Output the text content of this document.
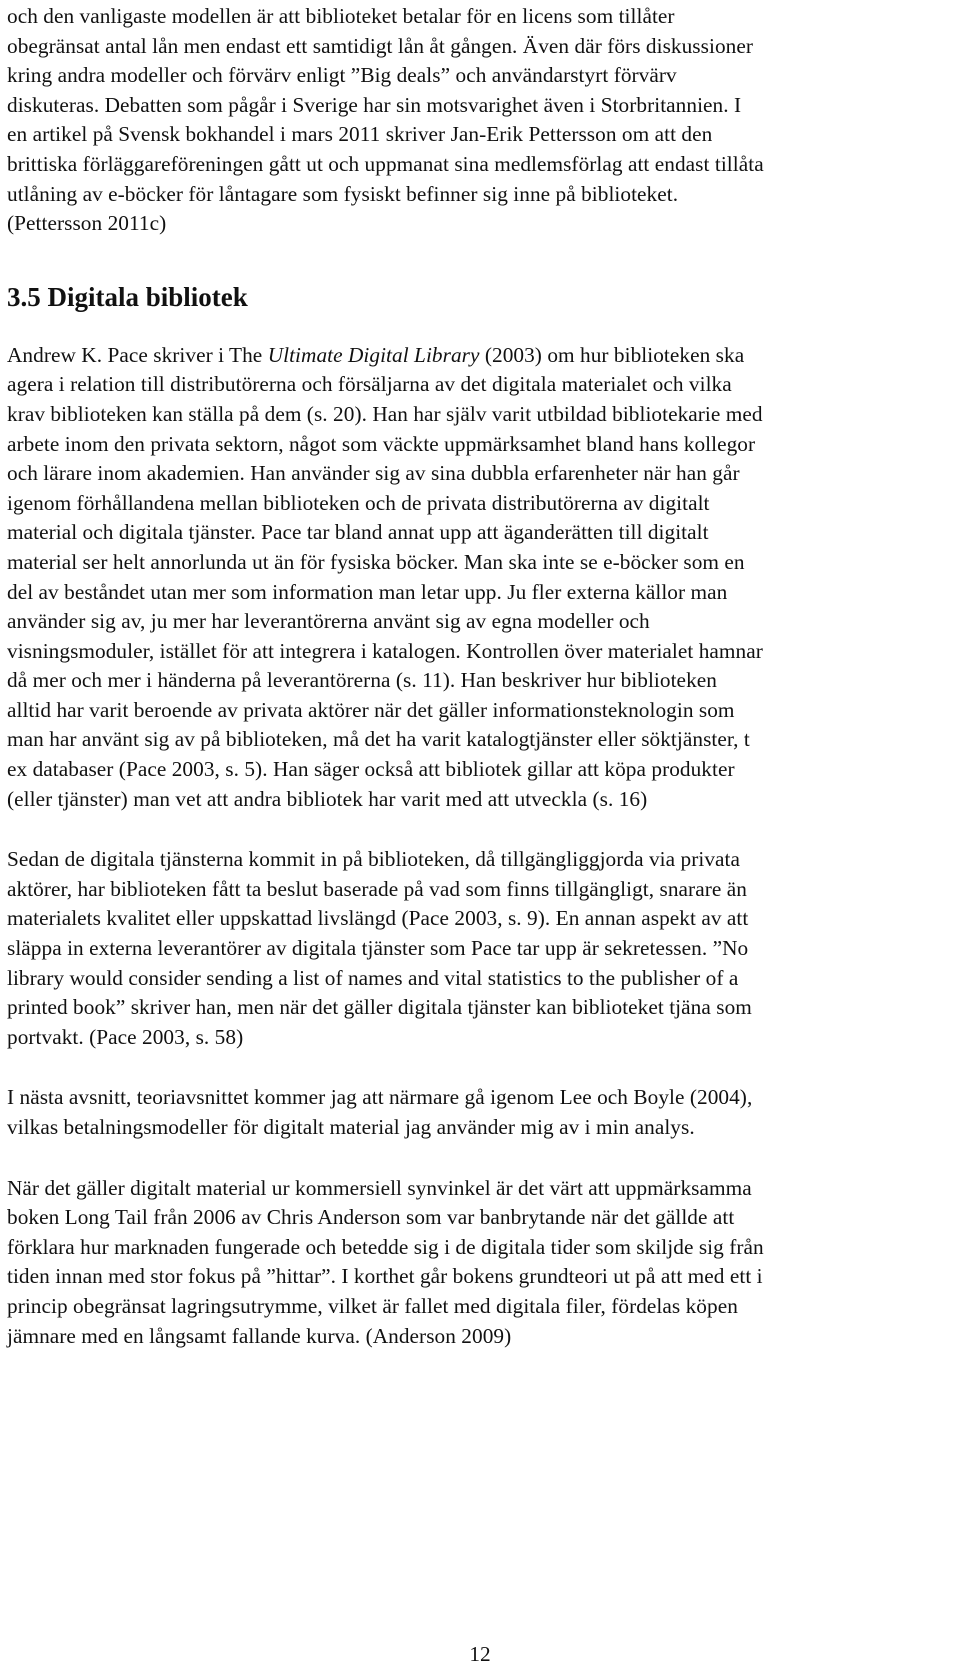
och den vanligaste modellen är att biblioteket betalar för en licens som tillåter
obegränsat antal lån men endast ett samtidigt lån åt gången. Även där förs diskussioner
kring andra modeller och förvärv enligt ”Big deals” och användarstyrt förvärv
diskuteras. Debatten som pågår i Sverige har sin motsvarighet även i Storbritannien. I
en artikel på Svensk bokhandel i mars 2011 skriver Jan-Erik Pettersson om att den
brittiska förläggareföreningen gått ut och uppmanat sina medlemsförlag att endast tillåta
utlåning av e-böcker för låntagare som fysiskt befinner sig inne på biblioteket.
(Pettersson 2011c)

3.5 Digitala bibliotek

Andrew K. Pace skriver i The Ultimate Digital Library (2003) om hur biblioteken ska
agera i relation till distributörerna och försäljarna av det digitala materialet och vilka
krav biblioteken kan ställa på dem (s. 20). Han har själv varit utbildad bibliotekarie med
arbete inom den privata sektorn, något som väckte uppmärksamhet bland hans kollegor
och lärare inom akademien. Han använder sig av sina dubbla erfarenheter när han går
igenom förhållandena mellan biblioteken och de privata distributörerna av digitalt
material och digitala tjänster. Pace tar bland annat upp att äganderätten till digitalt
material ser helt annorlunda ut än för fysiska böcker. Man ska inte se e-böcker som en
del av beståndet utan mer som information man letar upp. Ju fler externa källor man
använder sig av, ju mer har leverantörerna använt sig av egna modeller och
visningsmoduler, istället för att integrera i katalogen. Kontrollen över materialet hamnar
då mer och mer i händerna på leverantörerna (s. 11). Han beskriver hur biblioteken
alltid har varit beroende av privata aktörer när det gäller informationsteknologin som
man har använt sig av på biblioteken, må det ha varit katalogtjänster eller söktjänster, t
ex databaser (Pace 2003, s. 5). Han säger också att bibliotek gillar att köpa produkter
(eller tjänster) man vet att andra bibliotek har varit med att utveckla (s. 16)

Sedan de digitala tjänsterna kommit in på biblioteken, då tillgängliggjorda via privata
aktörer, har biblioteken fått ta beslut baserade på vad som finns tillgängligt, snarare än
materialets kvalitet eller uppskattad livslängd (Pace 2003, s. 9). En annan aspekt av att
släppa in externa leverantörer av digitala tjänster som Pace tar upp är sekretessen. ”No
library would consider sending a list of names and vital statistics to the publisher of a
printed book” skriver han, men när det gäller digitala tjänster kan biblioteket tjäna som
portvakt. (Pace 2003, s. 58)

I nästa avsnitt, teoriavsnittet kommer jag att närmare gå igenom Lee och Boyle (2004),
vilkas betalningsmodeller för digitalt material jag använder mig av i min analys.

När det gäller digitalt material ur kommersiell synvinkel är det värt att uppmärksamma
boken Long Tail från 2006 av Chris Anderson som var banbrytande när det gällde att
förklara hur marknaden fungerade och betedde sig i de digitala tider som skiljde sig från
tiden innan med stor fokus på ”hittar”. I korthet går bokens grundteori ut på att med ett i
princip obegränsat lagringsutrymme, vilket är fallet med digitala filer, fördelas köpen
jämnare med en långsamt fallande kurva. (Anderson 2009)

12
